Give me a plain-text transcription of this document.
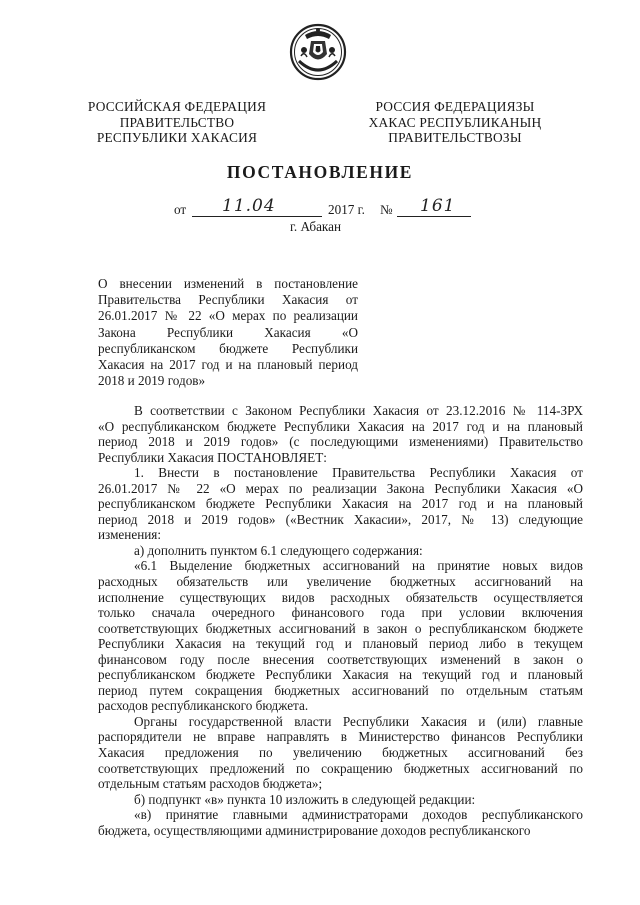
РОССИЙСКАЯ ФЕДЕРАЦИЯ
ПРАВИТЕЛЬСТВО
РЕСПУБЛИКИ ХАКАСИЯ
РОССИЯ ФЕДЕРАЦИЯЗЫ
ХАКАС РЕСПУБЛИКАНЫҢ
ПРАВИТЕЛЬСТВОЗЫ
ПОСТАНОВЛЕНИЕ
от 11.04	2017 г. № 161
г. Абакан
О внесении изменений в постановление
Правительства Республики Хакасия от
26.01.2017 № 22 «О мерах по реализации
Закона Республики Хакасия «О
республиканском бюджете Республики
Хакасия на 2017 год и на плановый период
2018 и 2019 годов»
В соответствии с Законом Республики Хакасия от 23.12.2016 № 114-ЗРХ
«О республиканском бюджете Республики Хакасия на 2017 год и на плановый
период 2018 и 2019 годов» (с последующими изменениями) Правительство
Республики Хакасия ПОСТАНОВЛЯЕТ:
1. Внести в постановление Правительства Республики Хакасия от
26.01.2017 № 22 «О мерах по реализации Закона Республики Хакасия «О
республиканском бюджете Республики Хакасия на 2017 год и на плановый
период 2018 и 2019 годов» («Вестник Хакасии», 2017, № 13) следующие
изменения:
а) дополнить пунктом 6.1 следующего содержания:
«6.1 Выделение бюджетных ассигнований на принятие новых видов
расходных обязательств или увеличение бюджетных ассигнований на
исполнение существующих видов расходных обязательств осуществляется
только сначала очередного финансового года при условии включения
соответствующих бюджетных ассигнований в закон о республиканском бюджете
Республики Хакасия на текущий год и плановый период либо в текущем
финансовом году после внесения соответствующих изменений в закон о
республиканском бюджете Республики Хакасия на текущий год и плановый
период путем сокращения бюджетных ассигнований по отдельным статьям
расходов республиканского бюджета.
Органы государственной власти Республики Хакасия и (или) главные
распорядители не вправе направлять в Министерство финансов Республики
Хакасия предложения по увеличению бюджетных ассигнований без
соответствующих предложений по сокращению бюджетных ассигнований по
отдельным статьям расходов бюджета»;
б) подпункт «в» пункта 10 изложить в следующей редакции:
«в) принятие главными администраторами доходов республиканского
бюджета, осуществляющими администрирование доходов республиканского
